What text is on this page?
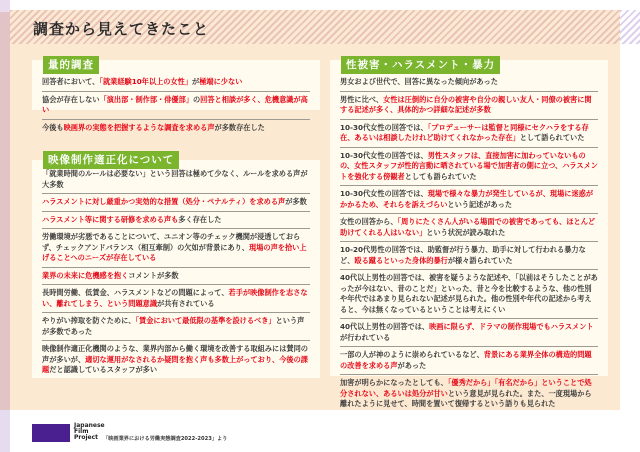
調査から見えてきたこと
量的調査
回答者において、「就業経験10年以上の女性」が極端に少ない
協会が存在しない「演出部・制作部・俳優部」の回答と相談が多く、危機意識が高い
今後も映画界の実態を把握するような調査を求める声が多数存在した
映像制作適正化について
「就業時間のルールは必要ない」という回答は極めて少なく、ルールを求める声が大多数
ハラスメントに対し厳重かつ実効的な措置（処分・ペナルティ）を求める声が多数
ハラスメント等に関する研修を求める声も多く存在した
労働環境が劣悪であることについて、ユニオン等のチェック機関が浸透しておらず、チェックアンドバランス（相互牽制）の欠如が背景にあり、現場の声を拾い上げることへのニーズが存在している
業界の未来に危機感を抱くコメントが多数
長時間労働、低賃金、ハラスメントなどの問題によって、若手が映像制作を志さない、離れてしまう、という問題意識が共有されている
やりがい搾取を防ぐために、「賃金において最低限の基準を設けるべき」という声が多数であった
映像制作適正化機関のような、業界内部から働く環境を改善する取組みには賛同の声が多いが、適切な運用がなされるか疑問を抱く声も多数上がっており、今後の課題だと認識しているスタッフが多い
性被害・ハラスメント・暴力
男女および世代で、回答に異なった傾向があった
男性に比べ、女性は圧倒的に自分の被害や自分の親しい友人・同僚の被害に関する記述が多く、具体的かつ詳細な記述が多数
10-30代女性の回答では、「プロデューサーは監督と同様にセクハラをする存在、あるいは相談したけれど助けてくれなかった存在」として語られていた
10-30代女性の回答では、男性スタッフは、直接加害に加わっていないものの、女性スタッフが性的言動に晒されている場で加害者の側に立つ、ハラスメントを強化する傍観者としても語られていた
10-30代女性の回答では、現場で様々な暴力が発生しているが、現場に迷惑がかかるため、それらを訴えづらいという記述があった
女性の回答から、「周りにたくさん人がいる場面での被害であっても、ほとんど助けてくれる人はいない」という状況が読み取れた
10-20代男性の回答では、助監督が行う暴力、助手に対して行われる暴力など、殴る蹴るといった身体的暴行が様々語られていた
40代以上男性の回答では、被害を疑うような記述や、「以前はそうしたことがあったが今はない、昔のことだ」といった、昔と今を比較するような、他の性別や年代ではあまり見られない記述が見られた。他の性別や年代の記述から考えると、今は無くなっているということは考えにくい
40代以上男性の回答では、映画に限らず、ドラマの制作現場でもハラスメントが行われている
一部の人が神のように崇められているなど、背景にある業界全体の構造的問題の改善を求める声があった
加害が明らかになったとしても、「優秀だから」「有名だから」ということで処分されない、あるいは処分が甘いという意見が見られた。また、一度現場から離れたように見せて、時間を置いて復帰するという語りも見られた
Japanese
Film
Project 「映画業界における労働実態調査2022-2023」より	B
